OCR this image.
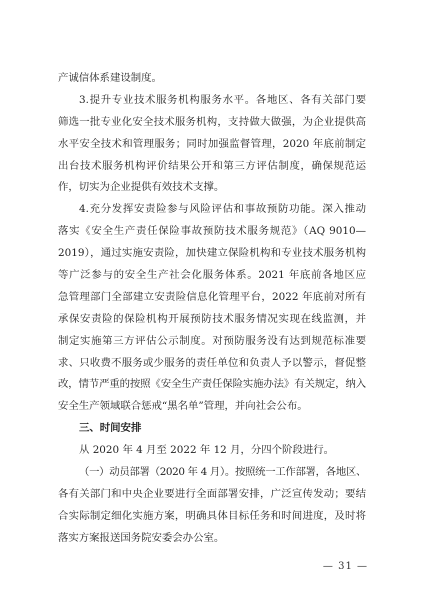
产诚信体系建设制度。
3.提升专业技术服务机构服务水平。各地区、各有关部门要
筛选一批专业化安全技术服务机构，支持做大做强，为企业提供高
水平安全技术和管理服务；同时加强监督管理，2020 年底前制定
出台技术服务机构评价结果公开和第三方评估制度，确保规范运
作，切实为企业提供有效技术支撑。
4.充分发挥安责险参与风险评估和事故预防功能。深入推动
落实《安全生产责任保险事故预防技术服务规范》（AQ 9010—
2019），通过实施安责险，加快建立保险机构和专业技术服务机构
等广泛参与的安全生产社会化服务体系。2021 年底前各地区应
急管理部门全部建立安责险信息化管理平台，2022 年底前对所有
承保安责险的保险机构开展预防技术服务情况实现在线监测，并
制定实施第三方评估公示制度。对预防服务没有达到规范标准要
求、只收费不服务或少服务的责任单位和负责人予以警示，督促整
改，情节严重的按照《安全生产责任保险实施办法》有关规定，纳入
安全生产领域联合惩戒“黑名单”管理，并向社会公布。
三、时间安排
从 2020 年 4 月至 2022 年 12 月，分四个阶段进行。
（一）动员部署（2020 年 4 月）。按照统一工作部署，各地区、
各有关部门和中央企业要进行全面部署安排，广泛宣传发动；要结
合实际制定细化实施方案，明确具体目标任务和时间进度，及时将
落实方案报送国务院安委会办公室。
— 31 —
